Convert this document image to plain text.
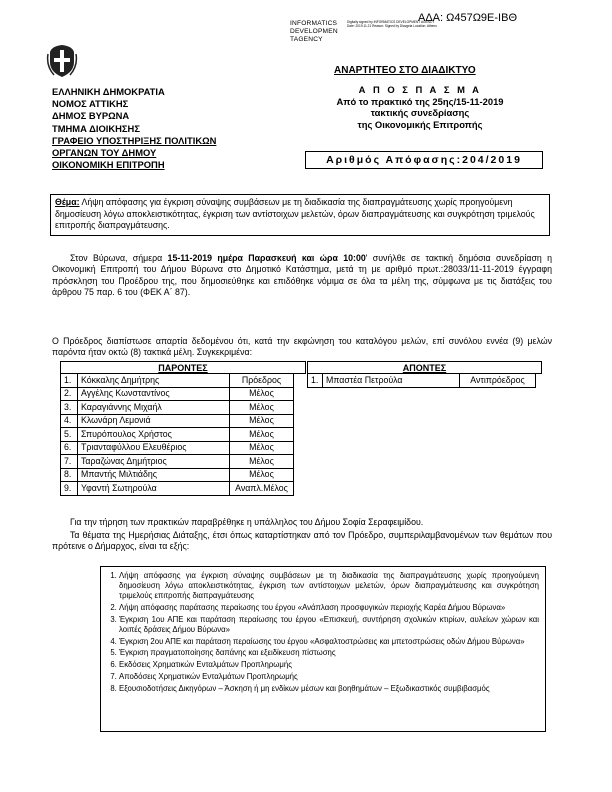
ΑΔΑ: Ω457Ω9Ε-ΙΒΘ
INFORMATICS
DEVELOPMEN
TAGENCY
Digitally signed by INFORMATICS DEVELOPMENT AGENCY Date: 2019.11.21 Reason: Signed by Diavgeia Location: Athens
ΕΛΛΗΝΙΚΗ ΔΗΜΟΚΡΑΤΙΑ
ΝΟΜΟΣ ΑΤΤΙΚΗΣ
ΔΗΜΟΣ ΒΥΡΩΝΑ
ΤΜΗΜΑ ΔΙΟΙΚΗΣΗΣ
ΓΡΑΦΕΙΟ ΥΠΟΣΤΗΡΙΞΗΣ ΠΟΛΙΤΙΚΩΝ
ΟΡΓΑΝΩΝ ΤΟΥ ΔΗΜΟΥ
ΟΙΚΟΝΟΜΙΚΗ ΕΠΙΤΡΟΠΗ
ΑΝΑΡΤΗΤΕΟ ΣΤΟ ΔΙΑΔΙΚΤΥΟ
Α Π Ο Σ Π Α Σ Μ Α
Από το πρακτικό της 25ης/15-11-2019
τακτικής συνεδρίασης
της Οικονομικής Επιτροπής
Αριθμός Απόφασης:204/2019
Θέμα: Λήψη απόφασης για έγκριση σύναψης συμβάσεων με τη διαδικασία της διαπραγμάτευσης χωρίς προηγούμενη δημοσίευση λόγω αποκλειστικότητας, έγκριση των αντίστοιχων μελετών, όρων διαπραγμάτευσης και συγκρότηση τριμελούς επιτροπής διαπραγμάτευσης.
Στον Βύρωνα, σήμερα 15-11-2019 ημέρα Παρασκευή και ώρα 10:00' συνήλθε σε τακτική δημόσια συνεδρίαση η Οικονομική Επιτροπή του Δήμου Βύρωνα στο Δημοτικό Κατάστημα, μετά τη με αριθμό πρωτ.:28033/11-11-2019 έγγραφη πρόσκληση του Προέδρου της, που δημοσιεύθηκε και επιδόθηκε νόμιμα σε όλα τα μέλη της, σύμφωνα με τις διατάξεις του άρθρου 75 παρ. 6 του (ΦΕΚ Α΄ 87).
Ο Πρόεδρος διαπίστωσε απαρτία δεδομένου ότι, κατά την εκφώνηση του καταλόγου μελών, επί συνόλου εννέα (9) μελών παρόντα ήταν οκτώ (8) τακτικά μέλη. Συγκεκριμένα:
ΠΑΡΟΝΤΕΣ	ΑΠΟΝΤΕΣ
1.	Κόκκαλης Δημήτρης	Πρόεδρος
2.	Αγγέλης Κωνσταντίνος	Μέλος
3.	Καραγιάννης Μιχαήλ	Μέλος
4.	Κλωνάρη Λεμονιά	Μέλος
5.	Σπυρόπουλος Χρήστος	Μέλος
6.	Τριανταφύλλου Ελευθέριος	Μέλος
7.	Ταραζώνας Δημήτριος	Μέλος
8.	Μπαντής Μιλτιάδης	Μέλος
9.	Υφαντή Σωτηρούλα	Αναπλ.Μέλος
1.	Μπαστέα Πετρούλα	Αντιπρόεδρος
Για την τήρηση των πρακτικών παραβρέθηκε η υπάλληλος του Δήμου Σοφία Σεραφειμίδου.
Τα θέματα της Ημερήσιας Διάταξης, έτσι όπως καταρτίστηκαν από τον Πρόεδρο, συμπεριλαμβανομένων των θεμάτων που πρότεινε ο Δήμαρχος, είναι τα εξής:
1. Λήψη απόφασης για έγκριση σύναψης συμβάσεων με τη διαδικασία της διαπραγμάτευσης χωρίς προηγούμενη δημοσίευση λόγω αποκλειστικότητας, έγκριση των αντίστοιχων μελετών, όρων διαπραγμάτευσης και συγκρότηση τριμελούς επιτροπής διαπραγμάτευσης
2. Λήψη απόφασης παράτασης περαίωσης του έργου «Ανάπλαση προσφυγικών περιοχής Καρέα Δήμου Βύρωνα»
3. Έγκριση 1ου ΑΠΕ και παράταση περαίωσης του έργου «Επισκευή, συντήρηση σχολικών κτιρίων, αυλείων χώρων και λοιπές δράσεις Δήμου Βύρωνα»
4. Έγκριση 2ου ΑΠΕ και παράταση περαίωσης του έργου «Ασφαλτοστρώσεις και μπετοστρώσεις οδών Δήμου Βύρωνα»
5. Έγκριση πραγματοποίησης δαπάνης και εξειδίκευση πίστωσης
6. Εκδόσεις Χρηματικών Ενταλμάτων Προπληρωμής
7. Αποδόσεις Χρηματικών Ενταλμάτων Προπληρωμής
8. Εξουσιοδοτήσεις Δικηγόρων – Άσκηση ή μη ενδίκων μέσων και βοηθημάτων – Εξωδικαστικός συμβιβασμός
